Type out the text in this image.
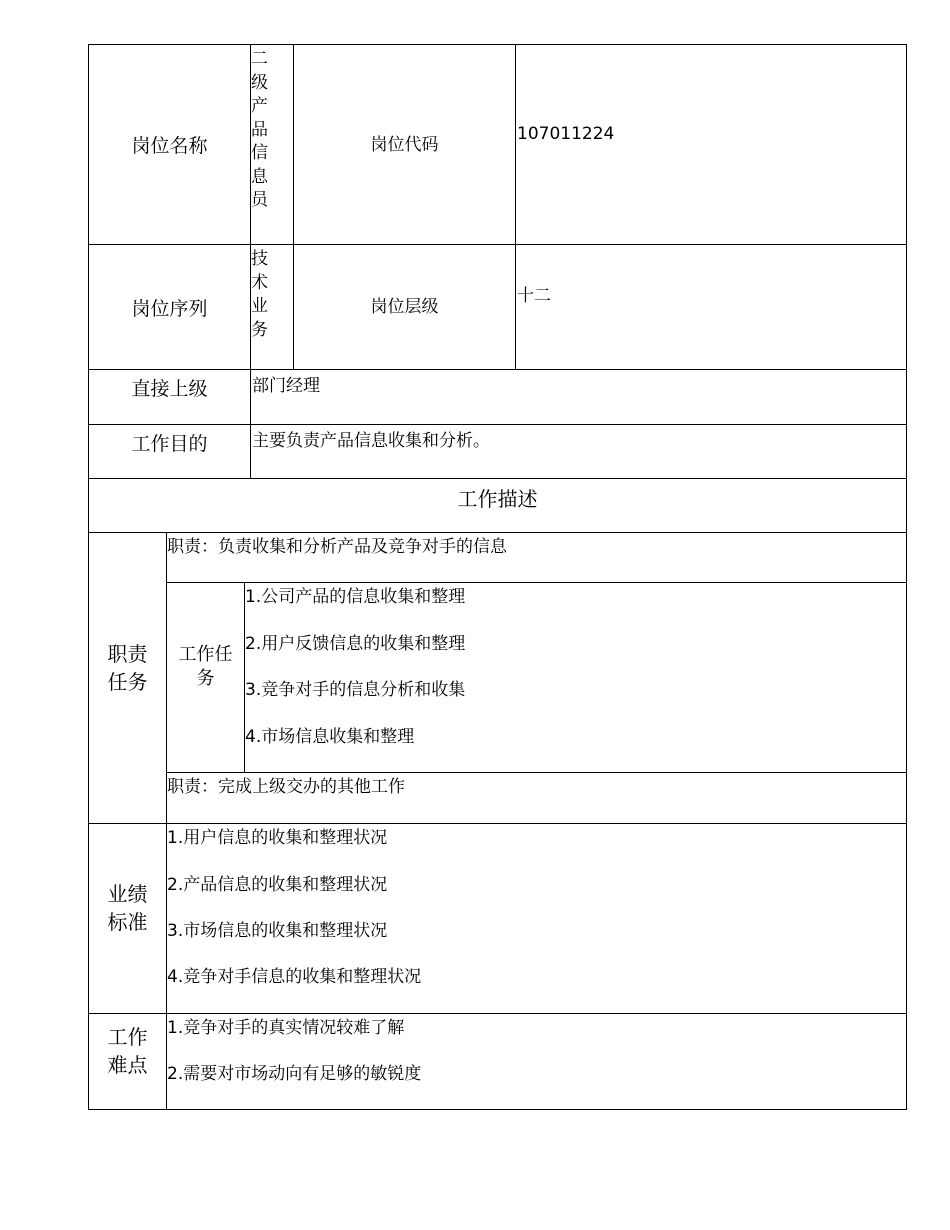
岗位名称
二级产品信息员
岗位代码
107011224
岗位序列
技术业务
岗位层级
十二
直接上级	部门经理
工作目的	主要负责产品信息收集和分析。
工作描述
职责
任务
职责：负责收集和分析产品及竞争对手的信息
工作任
务
1.公司产品的信息收集和整理
2.用户反馈信息的收集和整理
3.竞争对手的信息分析和收集
4.市场信息收集和整理
职责：完成上级交办的其他工作
业绩
标准
1.用户信息的收集和整理状况
2.产品信息的收集和整理状况
3.市场信息的收集和整理状况
4.竞争对手信息的收集和整理状况
工作
难点
1.竞争对手的真实情况较难了解
2.需要对市场动向有足够的敏锐度
